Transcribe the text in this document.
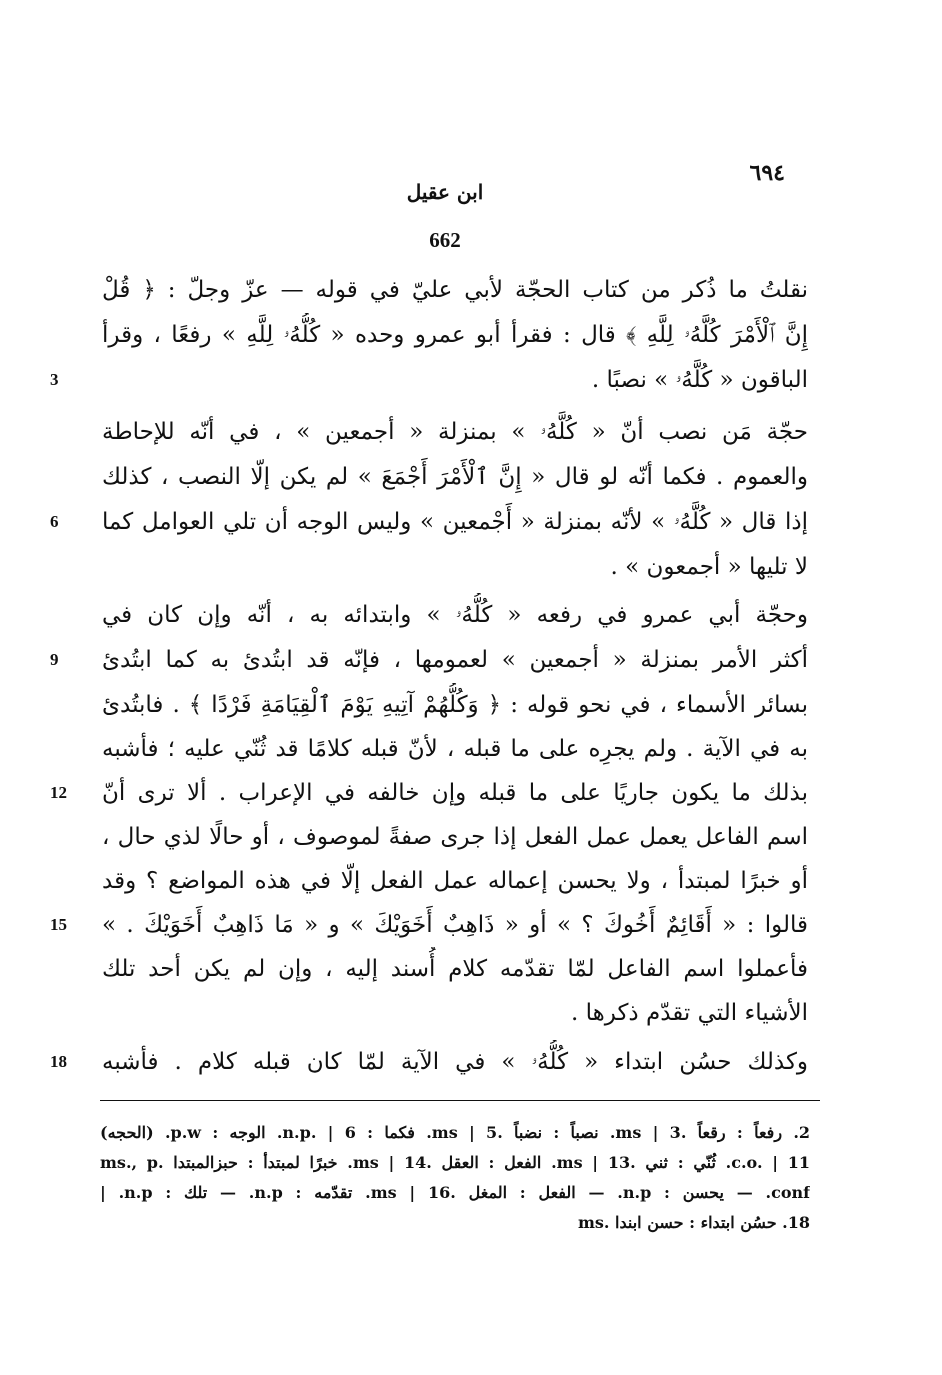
٦٩٤
ابن عقيل
662
نقلتُ ما ذُكر من كتاب الحجّة لأبي عليّ في قوله — عزّ وجلّ : ﴿ قُلْ
إِنَّ ٱلْأَمْرَ كُلَّهُۥ لِلَّهِ ﴾ قال : فقرأ أبو عمرو وحده « كُلُّهُۥ لِلَّهِ » رفعًا ، وقرأ
الباقون « كُلَّهُۥ » نصبًا .
حجّة مَن نصب أنّ « كُلَّهُۥ » بمنزلة « أجمعين » ، في أنّه للإحاطة
والعموم . فكما أنّه لو قال « إِنَّ ٱلْأَمْرَ أَجْمَعَ » لم يكن إلّا النصب ، كذلك
إذا قال « كُلَّهُۥ » لأنّه بمنزلة « أَجْمعين » وليس الوجه أن تلي العوامل كما
لا تليها « أجمعون » .
وحجّة أبي عمرو في رفعه « كُلُّهُۥ » وابتدائه به ، أنّه وإن كان في
أكثر الأمر بمنزلة « أجمعين » لعمومها ، فإنّه قد ابتُدئ به كما ابتُدئ
بسائر الأسماء ، في نحو قوله : ﴿ وَكُلُّهُمْ آتِيهِ يَوْمَ ٱلْقِيَامَةِ فَرْدًا ﴾ . فابتُدئ
به في الآية . ولم يجرِه على ما قبله ، لأنّ قبله كلامًا قد ثُنّي عليه ؛ فأشبه
بذلك ما يكون جاريًا على ما قبله وإن خالفه في الإعراب . ألا ترى أنّ
اسم الفاعل يعمل عمل الفعل إذا جرى صفةً لموصوف ، أو حالًا لذي حال ،
أو خبرًا لمبتدأ ، ولا يحسن إعماله عمل الفعل إلّا في هذه المواضع ؟ وقد
قالوا : « أَقَائِمٌ أَخُوكَ ؟ » أو « ذَاهِبٌ أَخَوَيْكَ » و « مَا ذَاهِبٌ أَخَوَيْكَ . »
فأعملوا اسم الفاعل لمّا تقدّمه كلام أُسند إليه ، وإن لم يكن أحد تلك
الأشياء التي تقدّم ذكرها .
وكذلك حسُن ابتداء « كُلُّهُۥ » في الآية لمّا كان قبله كلام . فأشبه
3
6
9
12
15
18
2. رفعاً : رقعاً .ms | 3. نصباً : نضباً .ms | 5. فكما : n.p. | 6. الوجه : p.w. (الحجه)
c.o. | 11. ثُنّي : ثني .ms | 13. الفعل : العقل .ms | 14. خبرًا لمبتدأ : حبزالمبتدا .ms., p
conf. — يحسن : n.p. — الفعل : المغل .ms | 16. تقدّمه : n.p. — تلك : n.p. |
18. حسُن ابتداء : حسن ابندا .ms
